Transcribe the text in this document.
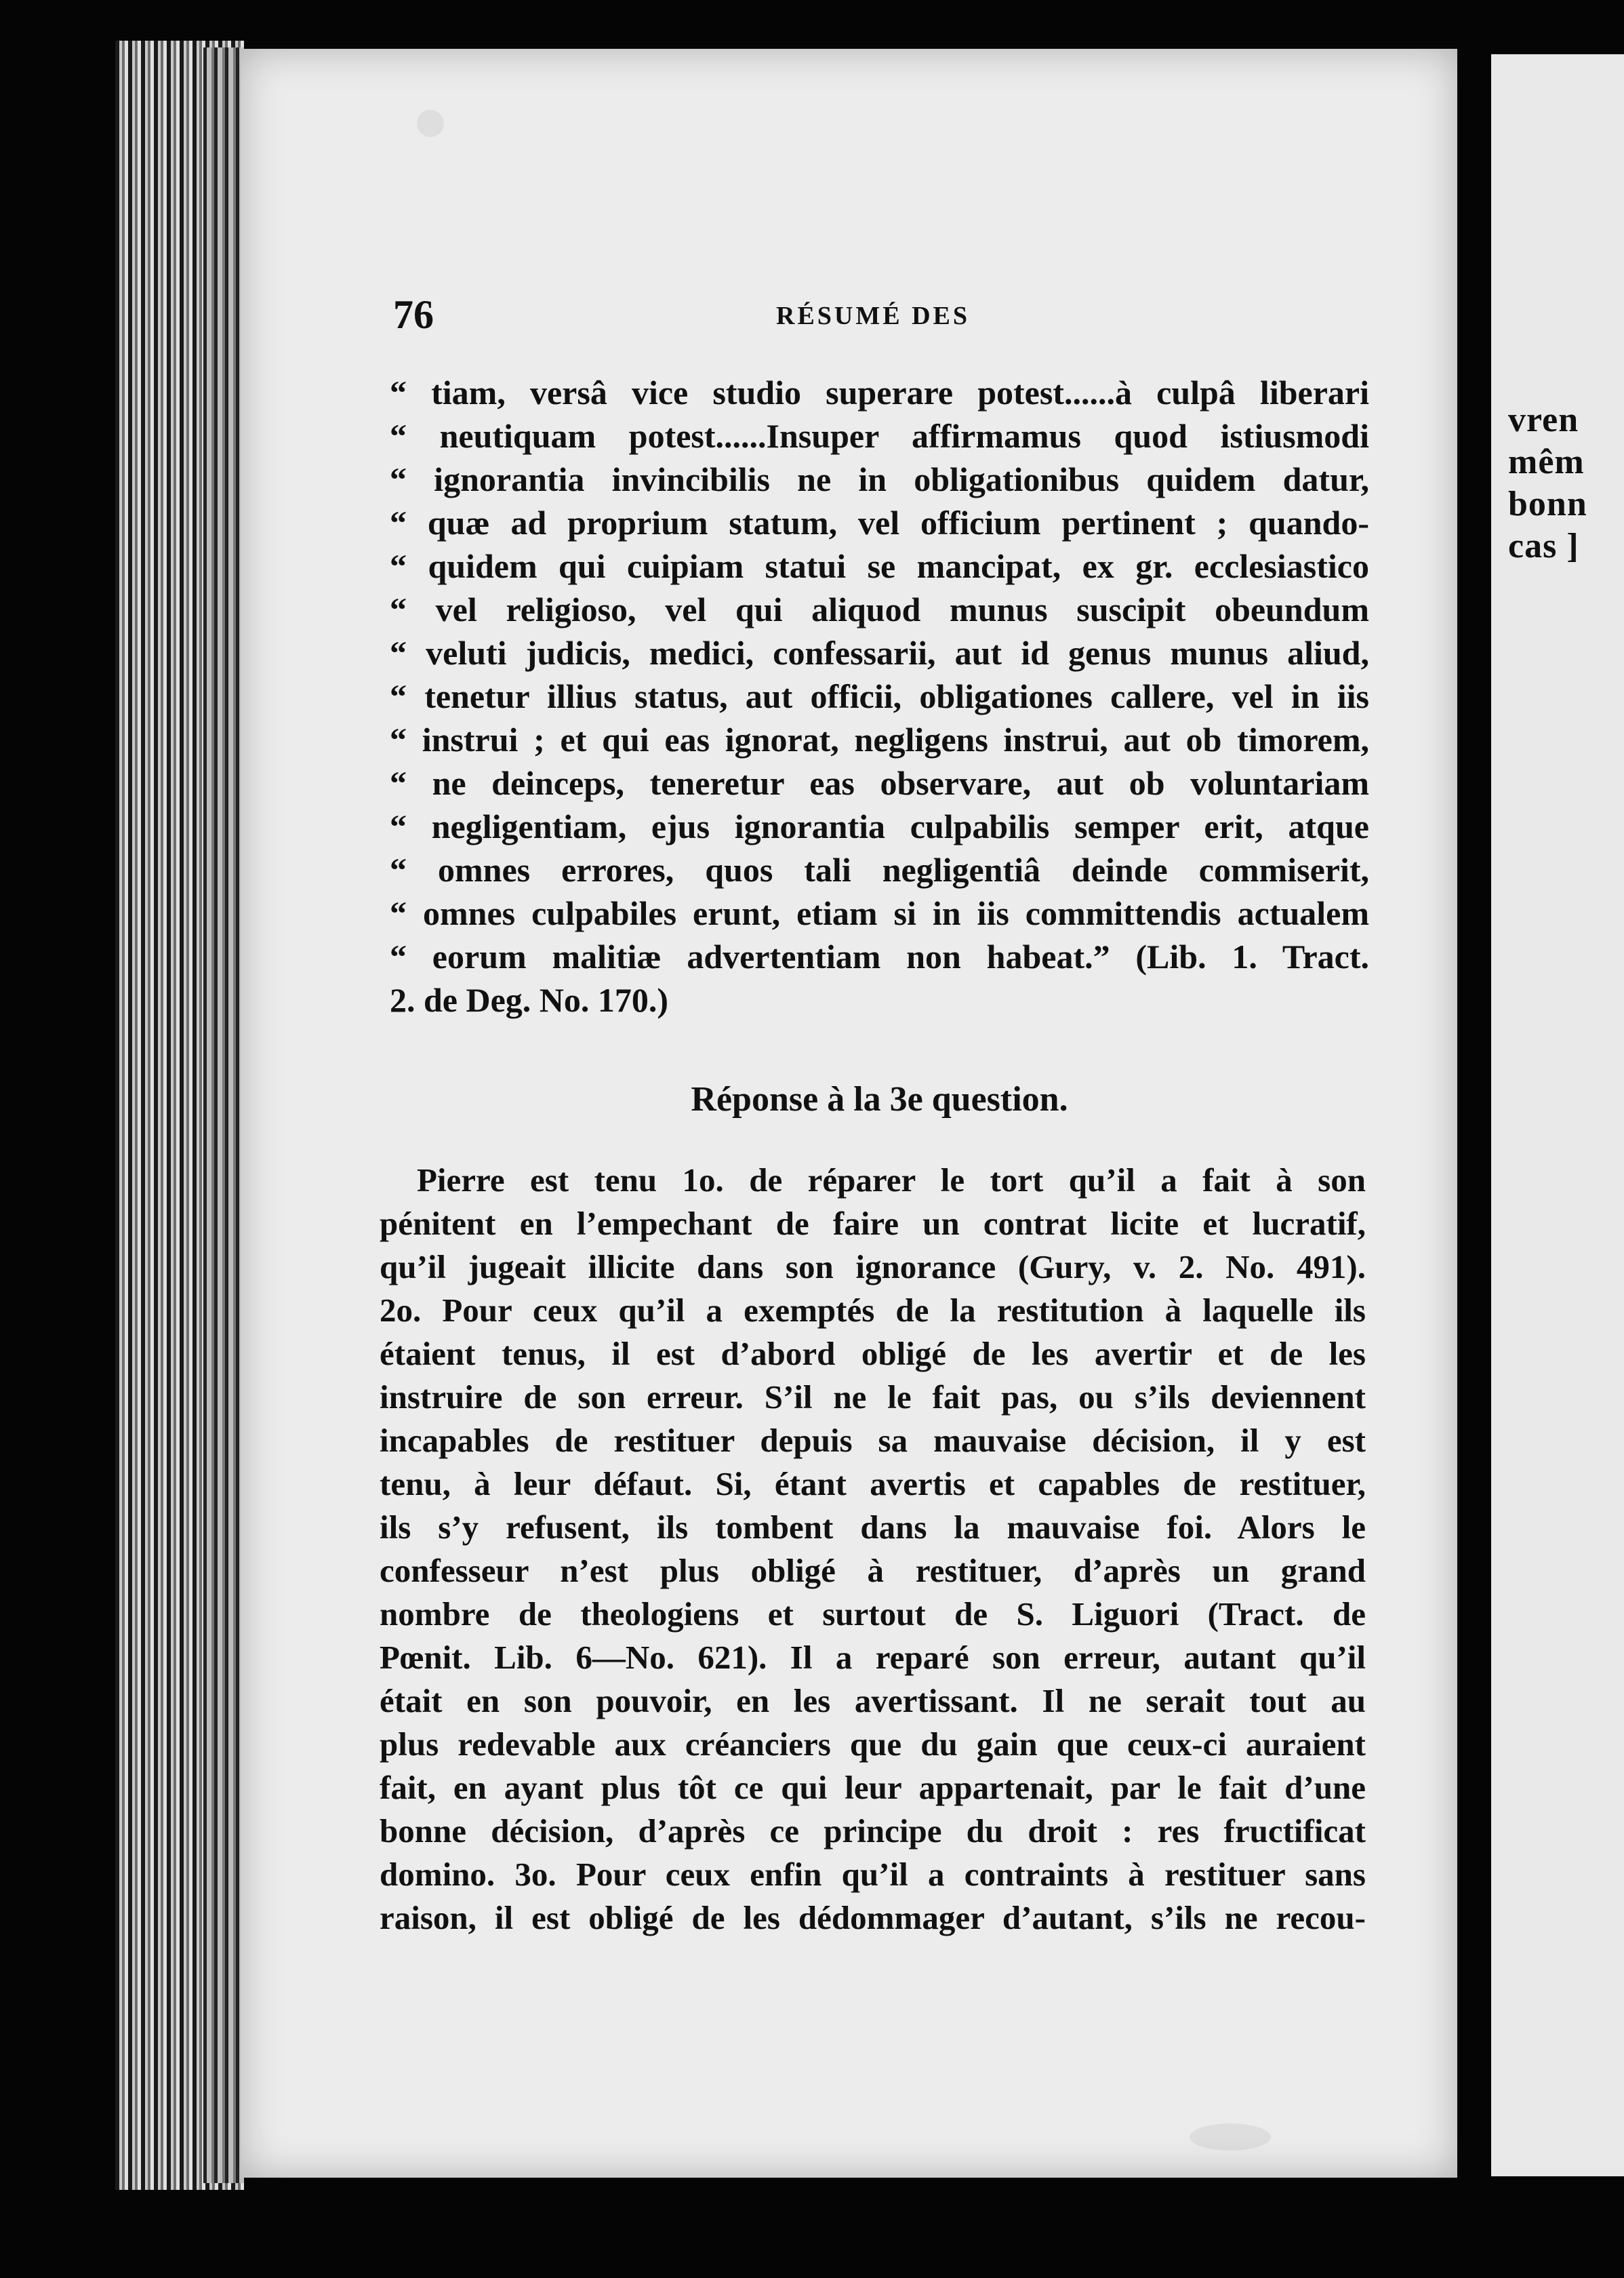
vren
mêm
bonn
cas ]
76	RÉSUMÉ DES
“ tiam, versâ vice studio superare potest......à culpâ liberari
“ neutiquam potest......Insuper affirmamus quod istiusmodi
“ ignorantia invincibilis ne in obligationibus quidem datur,
“ quæ ad proprium statum, vel officium pertinent ; quando-
“ quidem qui cuipiam statui se mancipat, ex gr. ecclesiastico
“ vel religioso, vel qui aliquod munus suscipit obeundum
“ veluti judicis, medici, confessarii, aut id genus munus aliud,
“ tenetur illius status, aut officii, obligationes callere, vel in iis
“ instrui ; et qui eas ignorat, negligens instrui, aut ob timorem,
“ ne deinceps, teneretur eas observare, aut ob voluntariam
“ negligentiam, ejus ignorantia culpabilis semper erit, atque
“ omnes errores, quos tali negligentiâ deinde commiserit,
“ omnes culpabiles erunt, etiam si in iis committendis actualem
“ eorum malitiæ advertentiam non habeat.” (Lib. 1. Tract.
2. de Deg. No. 170.)
Réponse à la 3e question.
Pierre est tenu 1o. de réparer le tort qu’il a fait à son
pénitent en l’empechant de faire un contrat licite et lucratif,
qu’il jugeait illicite dans son ignorance (Gury, v. 2. No. 491).
2o. Pour ceux qu’il a exemptés de la restitution à laquelle ils
étaient tenus, il est d’abord obligé de les avertir et de les
instruire de son erreur. S’il ne le fait pas, ou s’ils deviennent
incapables de restituer depuis sa mauvaise décision, il y est
tenu, à leur défaut. Si, étant avertis et capables de restituer,
ils s’y refusent, ils tombent dans la mauvaise foi. Alors le
confesseur n’est plus obligé à restituer, d’après un grand
nombre de theologiens et surtout de S. Liguori (Tract. de
Pœnit. Lib. 6—No. 621). Il a reparé son erreur, autant qu’il
était en son pouvoir, en les avertissant. Il ne serait tout au
plus redevable aux créanciers que du gain que ceux-ci auraient
fait, en ayant plus tôt ce qui leur appartenait, par le fait d’une
bonne décision, d’après ce principe du droit : res fructificat
domino. 3o. Pour ceux enfin qu’il a contraints à restituer sans
raison, il est obligé de les dédommager d’autant, s’ils ne recou-
